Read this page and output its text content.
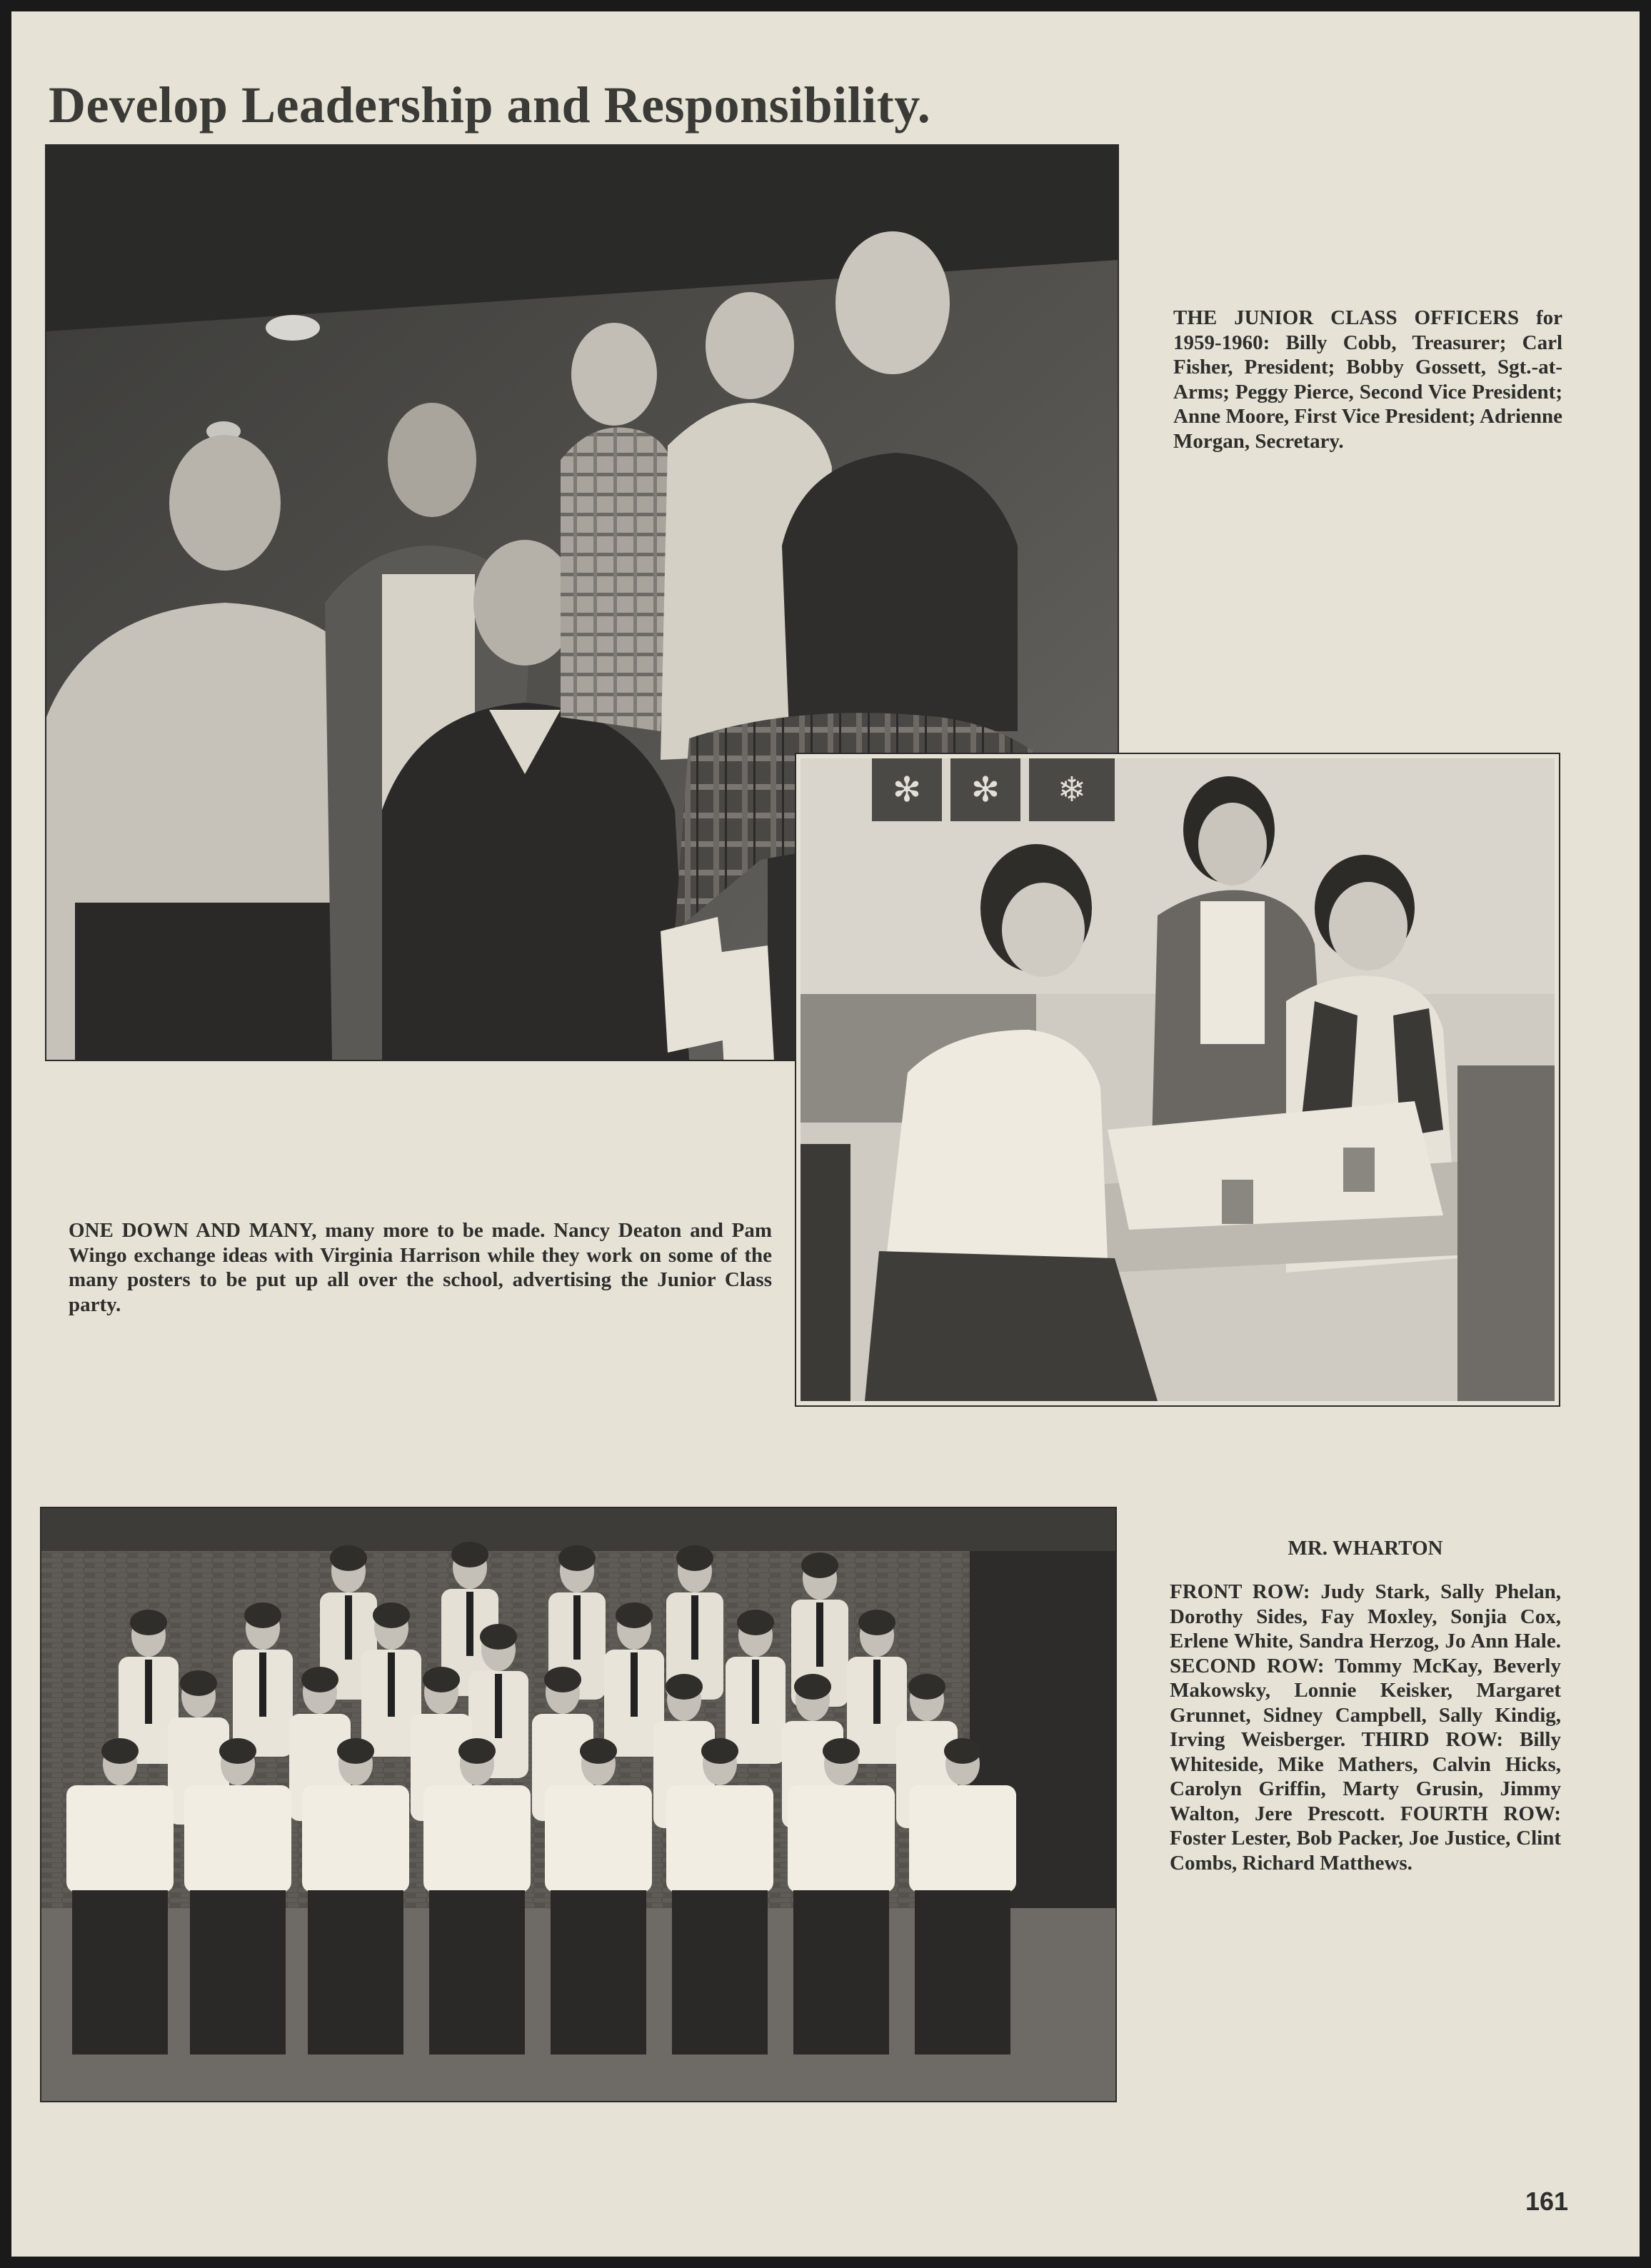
Develop Leadership and Responsibility.
THE JUNIOR CLASS OFFICERS for 1959-1960: Billy Cobb, Treasurer; Carl Fisher, President; Bobby Gossett, Sgt.-at-Arms; Peggy Pierce, Second Vice President; Anne Moore, First Vice President; Adrienne Morgan, Secretary.
✻ ✻ ❄
ONE DOWN AND MANY, many more to be made. Nancy Deaton and Pam Wingo exchange ideas with Virginia Harrison while they work on some of the many posters to be put up all over the school, advertising the Junior Class party.
MR. WHARTON
FRONT ROW: Judy Stark, Sally Phelan, Dorothy Sides, Fay Moxley, Sonjia Cox, Erlene White, Sandra Herzog, Jo Ann Hale. SECOND ROW: Tommy McKay, Beverly Makowsky, Lonnie Keisker, Margaret Grunnet, Sidney Campbell, Sally Kindig, Irving Weisberger. THIRD ROW: Billy Whiteside, Mike Mathers, Calvin Hicks, Carolyn Griffin, Marty Grusin, Jimmy Walton, Jere Prescott. FOURTH ROW: Foster Lester, Bob Packer, Joe Justice, Clint Combs, Richard Matthews.
161
